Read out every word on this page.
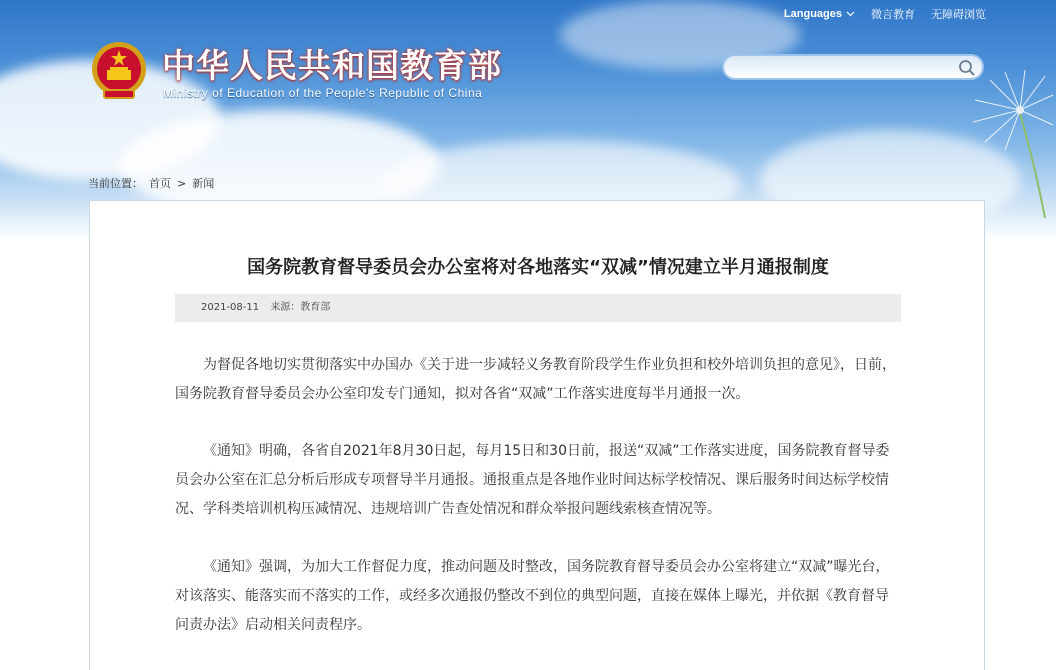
Languages	微言教育 无障碍浏览
中华人民共和国教育部
Ministry of Education of the People's Republic of China
当前位置： 首页 > 新闻
国务院教育督导委员会办公室将对各地落实“双减”情况建立半月通报制度
2021-08-11 来源：教育部

为督促各地切实贯彻落实中办国办《关于进一步减轻义务教育阶段学生作业负担和校外培训负担的意见》，日前，国务院教育督导委员会办公室印发专门通知，拟对各省“双减”工作落实进度每半月通报一次。

《通知》明确，各省自2021年8月30日起，每月15日和30日前，报送“双减”工作落实进度，国务院教育督导委员会办公室在汇总分析后形成专项督导半月通报。通报重点是各地作业时间达标学校情况、课后服务时间达标学校情况、学科类培训机构压减情况、违规培训广告查处情况和群众举报问题线索核查情况等。

《通知》强调，为加大工作督促力度，推动问题及时整改，国务院教育督导委员会办公室将建立“双减”曝光台，对该落实、能落实而不落实的工作，或经多次通报仍整改不到位的典型问题，直接在媒体上曝光，并依据《教育督导问责办法》启动相关问责程序。
